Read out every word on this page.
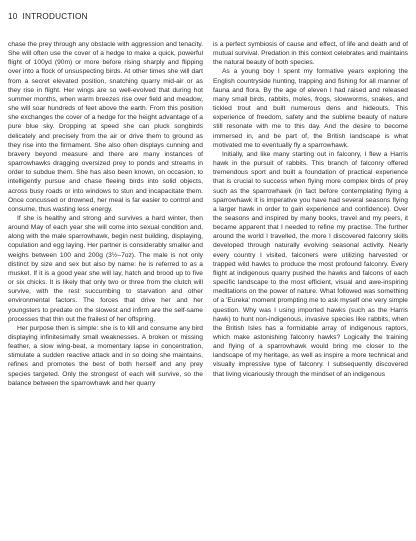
10 INTRODUCTION

chase the prey through any obstacle with aggression and tenacity. She will often use the cover of a hedge to make a quick, powerful flight of 100yd (90m) or more before rising sharply and flipping over into a flock of unsuspecting birds. At other times she will dart from a secret elevated position, snatching quarry mid-air or as they rise in flight. Her wings are so well-evolved that during hot summer months, when warm breezes rise over field and meadow, she will soar hundreds of feet above the earth. From this position she exchanges the cover of a hedge for the height advantage of a pure blue sky. Dropping at speed she can pluck songbirds delicately and precisely from the air or drive them to ground as they rise into the firmament. She also often displays cunning and bravery beyond measure and there are many instances of sparrowhawks dragging oversized prey to ponds and streams in order to subdue them. She has also been known, on occasion, to intelligently pursue and chase fleeing birds into solid objects, across busy roads or into windows to stun and incapacitate them. Once concussed or drowned, her meal is far easier to control and consume, thus wasting less energy.

If she is healthy and strong and survives a hard winter, then around May of each year she will come into sexual condition and, along with the male sparrowhawk, begin nest building, displaying, copulation and egg laying. Her partner is considerably smaller and weighs between 100 and 200g (3½–7oz). The male is not only distinct by size and sex but also by name: he is referred to as a musket. If it is a good year she will lay, hatch and brood up to five or six chicks. It is likely that only two or three from the clutch will survive, with the rest succumbing to starvation and other environmental factors. The forces that drive her and her youngsters to predate on the slowest and infirm are the self-same processes that thin out the frailest of her offspring.

Her purpose then is simple: she is to kill and consume any bird displaying infinitesimally small weaknesses. A broken or missing feather, a slow wing-beat, a momentary lapse in concentration, stimulate a sudden reactive attack and in so doing she maintains, refines and promotes the best of both herself and any prey species targeted. Only the strongest of each will survive, so the balance between the sparrowhawk and her quarry

is a perfect symbiosis of cause and effect, of life and death and of mutual survival. Predation in this context celebrates and maintains the natural beauty of both species.

As a young boy I spent my formative years exploring the English countryside hunting, trapping and fishing for all manner of fauna and flora. By the age of eleven I had raised and released many small birds, rabbits, moles, frogs, slowworms, snakes, and tickled trout and built numerous dens and hideouts. This experience of freedom, safety and the sublime beauty of nature still resonate with me to this day. And the desire to become immersed in, and be part of, the British landscape is what motivated me to eventually fly a sparrowhawk.

Initially, and like many starting out in falconry, I flew a Harris hawk in the pursuit of rabbits. This branch of falconry offered tremendous sport and built a foundation of practical experience that is crucial to success when flying more complex birds of prey such as the sparrowhawk (in fact before contemplating flying a sparrowhawk it is imperative you have had several seasons flying a larger hawk in order to gain experience and confidence). Over the seasons and inspired by many books, travel and my peers, it became apparent that I needed to refine my practise. The further around the world I travelled, the more I discovered falconry skills developed through naturally evolving seasonal activity. Nearly every country I visited, falconers were utilizing harvested or trapped wild hawks to produce the most profound falconry. Every flight at indigenous quarry pushed the hawks and falcons of each specific landscape to the most efficient, visual and awe-inspiring meditations on the power of nature. What followed was something of a 'Eureka' moment prompting me to ask myself one very simple question. Why was I using imported hawks (such as the Harris hawk) to hunt non-indigenous, invasive species like rabbits, when the British Isles has a formidable array of indigenous raptors, which make astonishing falconry hawks? Logically the training and flying of a sparrowhawk would bring me closer to the landscape of my heritage, as well as inspire a more technical and visually impressive type of falconry. I subsequently discovered that living vicariously through the mindset of an indigenous
